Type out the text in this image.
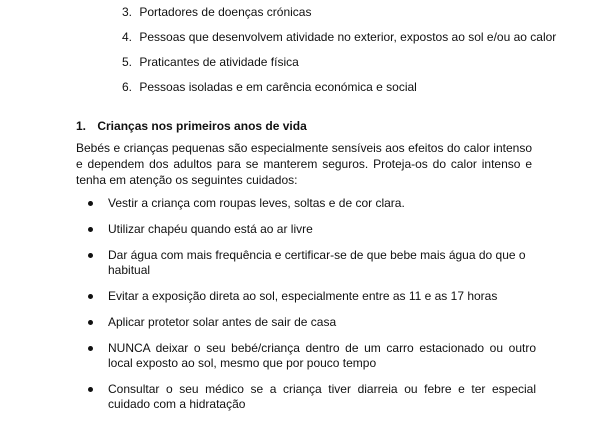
3. Portadores de doenças crónicas
4. Pessoas que desenvolvem atividade no exterior, expostos ao sol e/ou ao calor
5. Praticantes de atividade física
6. Pessoas isoladas e em carência económica e social
1. Crianças nos primeiros anos de vida

Bebés e crianças pequenas são especialmente sensíveis aos efeitos do calor intenso e dependem dos adultos para se manterem seguros. Proteja-os do calor intenso e tenha em atenção os seguintes cuidados:

Vestir a criança com roupas leves, soltas e de cor clara.
Utilizar chapéu quando está ao ar livre
Dar água com mais frequência e certificar-se de que bebe mais água do que o habitual
Evitar a exposição direta ao sol, especialmente entre as 11 e as 17 horas
Aplicar protetor solar antes de sair de casa
NUNCA deixar o seu bebé/criança dentro de um carro estacionado ou outro local exposto ao sol, mesmo que por pouco tempo
Consultar o seu médico se a criança tiver diarreia ou febre e ter especial cuidado com a hidratação
